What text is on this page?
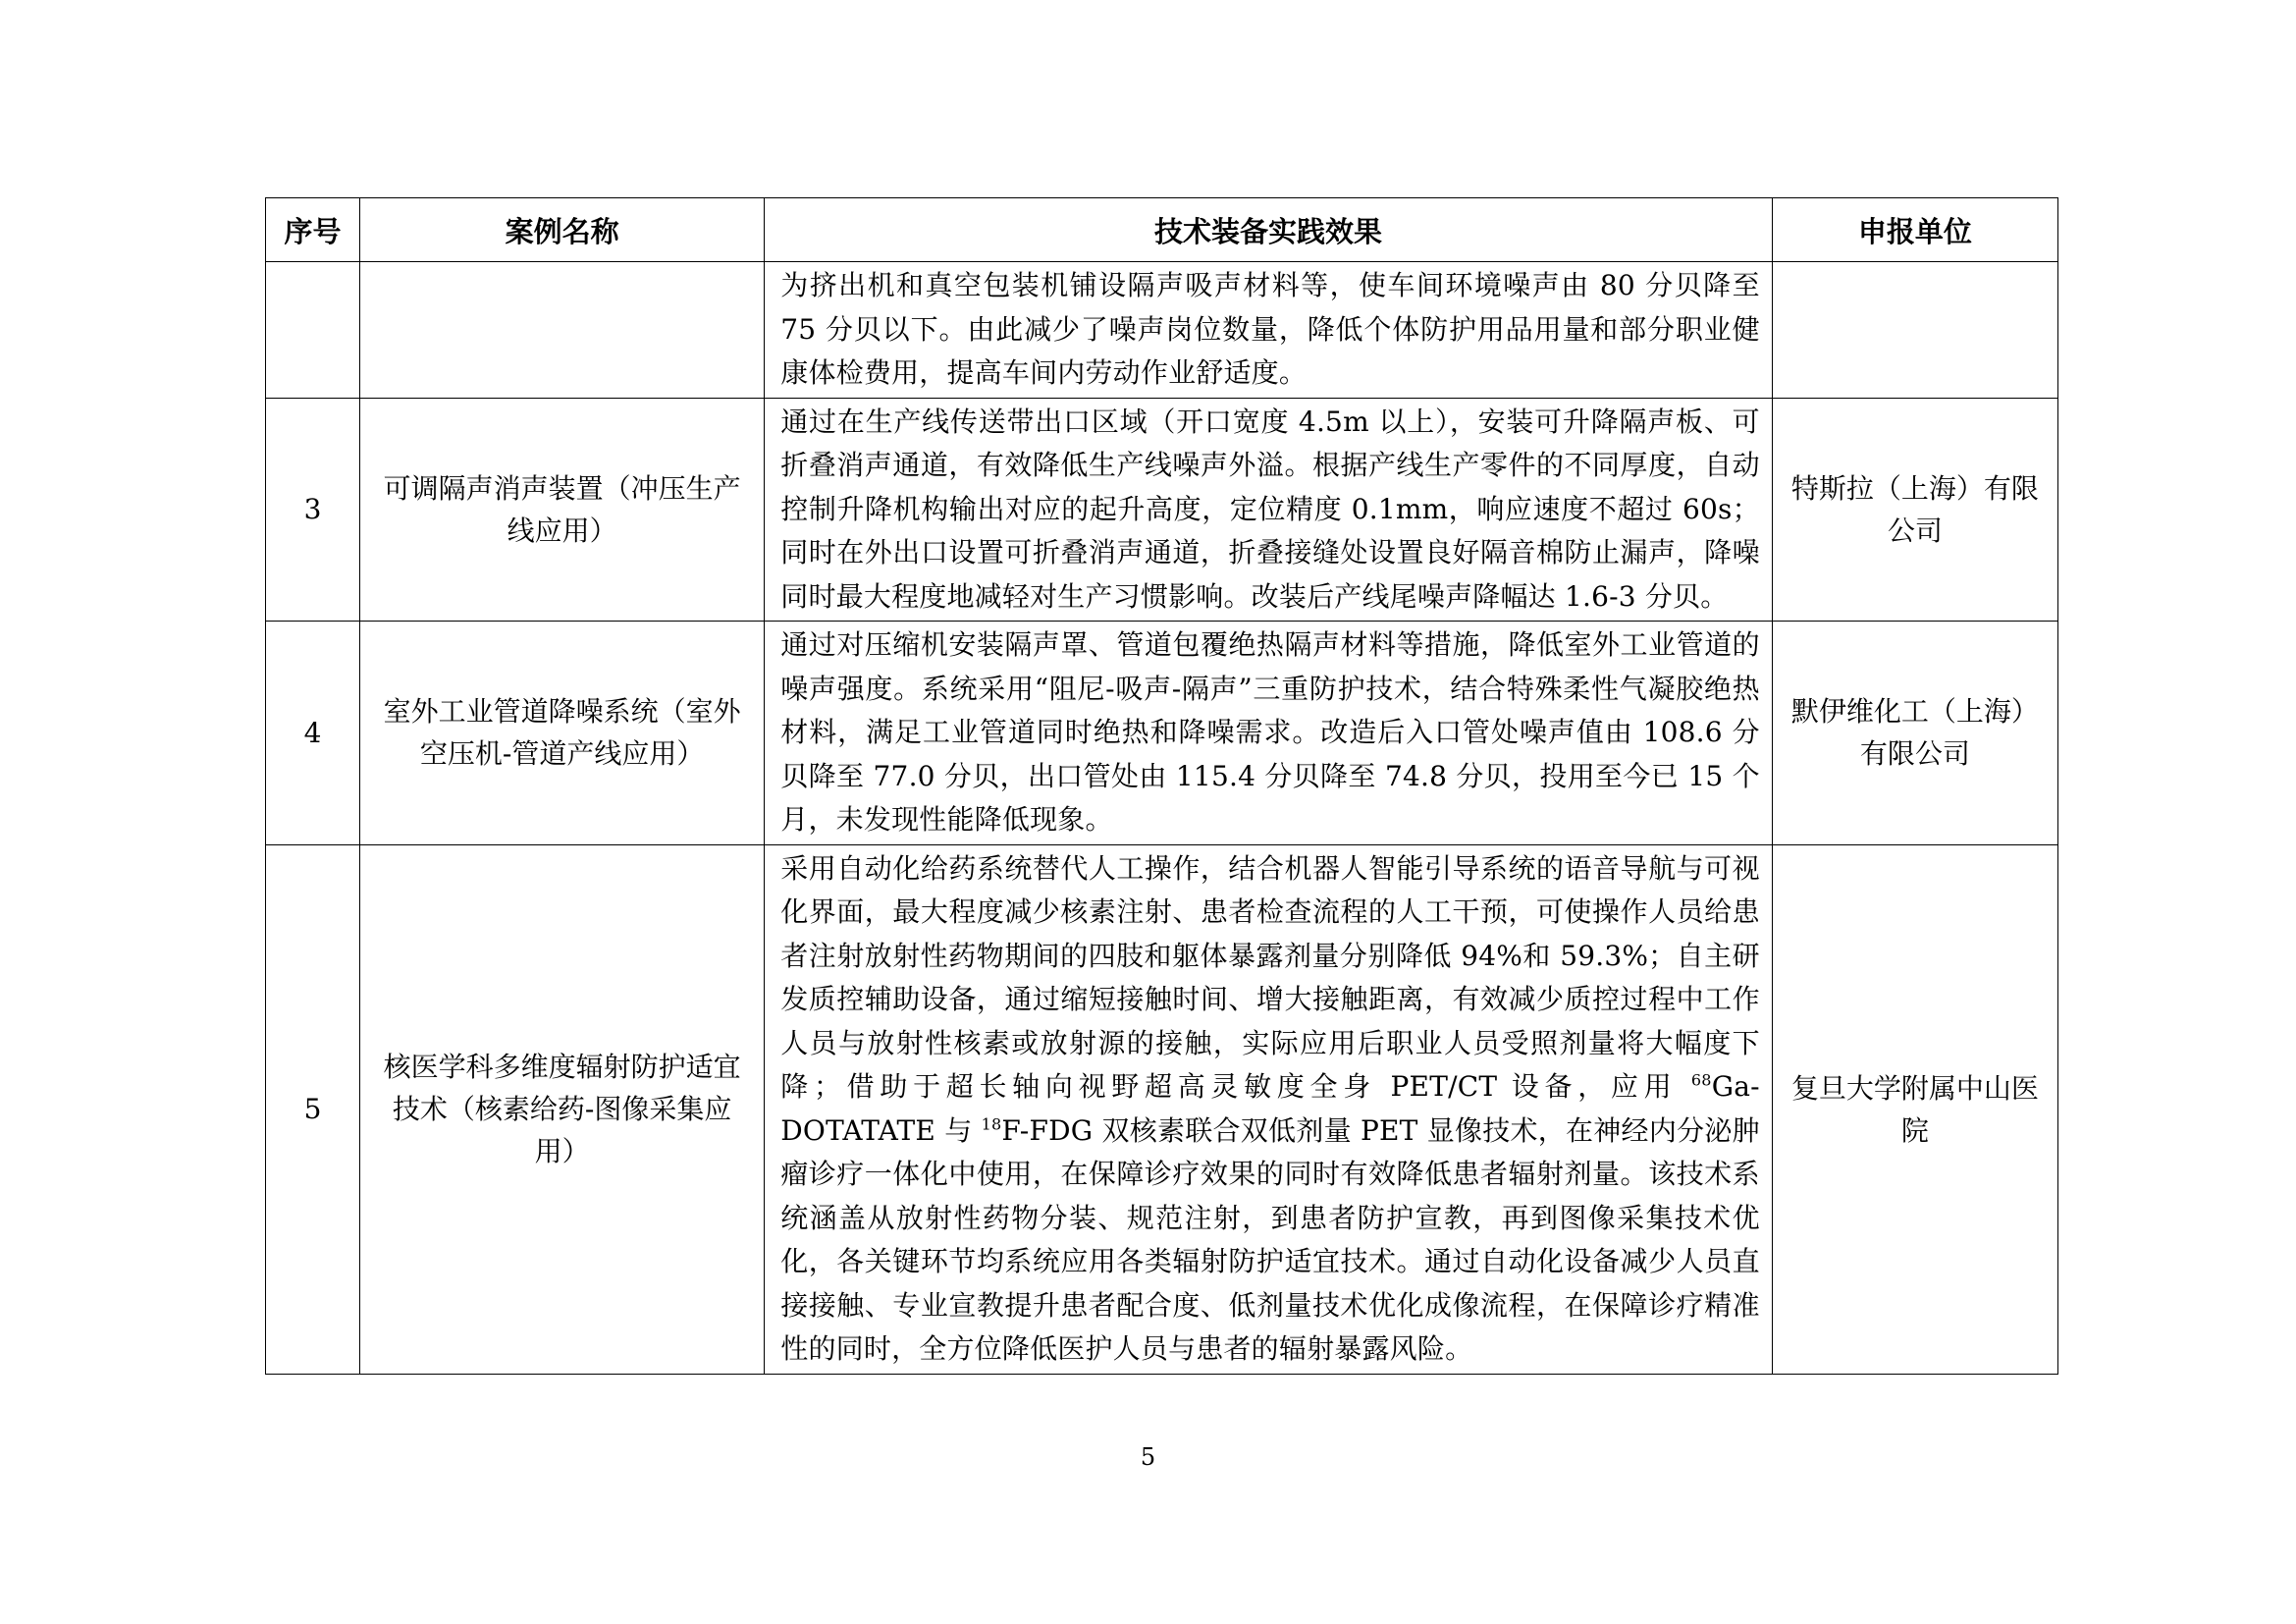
序号	案例名称	技术装备实践效果	申报单位
		为挤出机和真空包装机铺设隔声吸声材料等，使车间环境噪声由 80 分贝降至 75 分贝以下。由此减少了噪声岗位数量，降低个体防护用品用量和部分职业健康体检费用，提高车间内劳动作业舒适度。	
3	可调隔声消声装置（冲压生产线应用）	通过在生产线传送带出口区域（开口宽度 4.5m 以上），安装可升降隔声板、可折叠消声通道，有效降低生产线噪声外溢。根据产线生产零件的不同厚度，自动控制升降机构输出对应的起升高度，定位精度 0.1mm，响应速度不超过 60s；同时在外出口设置可折叠消声通道，折叠接缝处设置良好隔音棉防止漏声，降噪同时最大程度地减轻对生产习惯影响。改装后产线尾噪声降幅达 1.6-3 分贝。	特斯拉（上海）有限公司
4	室外工业管道降噪系统（室外空压机-管道产线应用）	通过对压缩机安装隔声罩、管道包覆绝热隔声材料等措施，降低室外工业管道的噪声强度。系统采用“阻尼-吸声-隔声”三重防护技术，结合特殊柔性气凝胶绝热材料，满足工业管道同时绝热和降噪需求。改造后入口管处噪声值由 108.6 分贝降至 77.0 分贝，出口管处由 115.4 分贝降至 74.8 分贝，投用至今已 15 个月，未发现性能降低现象。	默伊维化工（上海）有限公司
5	核医学科多维度辐射防护适宜技术（核素给药-图像采集应用）	采用自动化给药系统替代人工操作，结合机器人智能引导系统的语音导航与可视化界面，最大程度减少核素注射、患者检查流程的人工干预，可使操作人员给患者注射放射性药物期间的四肢和躯体暴露剂量分别降低 94%和 59.3%；自主研发质控辅助设备，通过缩短接触时间、增大接触距离，有效减少质控过程中工作人员与放射性核素或放射源的接触，实际应用后职业人员受照剂量将大幅度下降；借助于超长轴向视野超高灵敏度全身 PET/CT 设备，应用 $^{68}$Ga-DOTATATE 与 $^{18}$F-FDG 双核素联合双低剂量 PET 显像技术，在神经内分泌肿瘤诊疗一体化中使用，在保障诊疗效果的同时有效降低患者辐射剂量。该技术系统涵盖从放射性药物分装、规范注射，到患者防护宣教，再到图像采集技术优化，各关键环节均系统应用各类辐射防护适宜技术。通过自动化设备减少人员直接接触、专业宣教提升患者配合度、低剂量技术优化成像流程，在保障诊疗精准性的同时，全方位降低医护人员与患者的辐射暴露风险。	复旦大学附属中山医院
5
